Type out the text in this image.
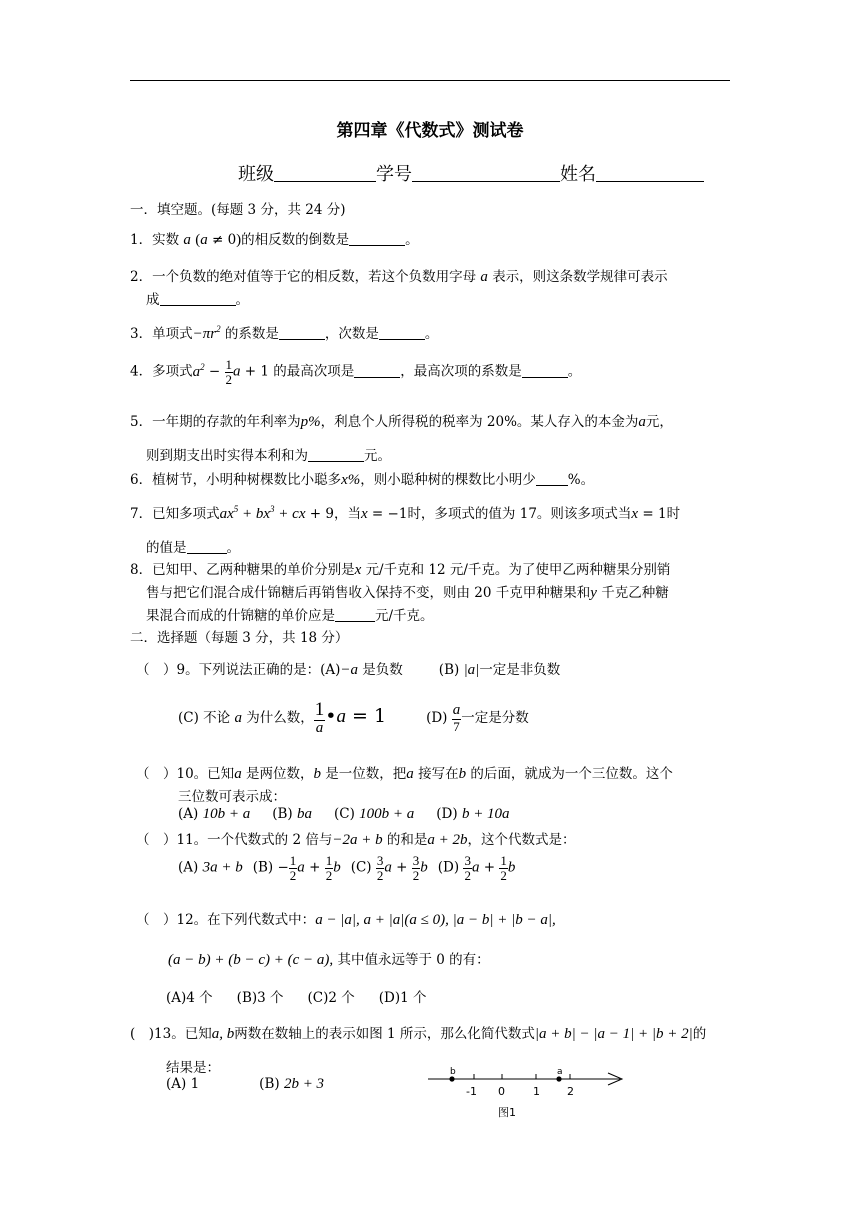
第四章《代数式》测试卷
班级	学号	姓名
一．填空题。(每题 3 分，共 24 分)
1．实数 a (a ≠ 0)的相反数的倒数是	。
2．一个负数的绝对值等于它的相反数，若这个负数用字母 a 表示，则这条数学规律可表示
成	。
3．单项式$-\pi r^2$ 的系数是	，次数是	。
4．多项式$a^2 - \frac{1}{2}$ a + 1 的最高次项是	，最高次项的系数是	。
5．一年期的存款的年利率为p%，利息个人所得税的税率为 20%。某人存入的本金为a元，
则到期支出时实得本利和为	元。
6．植树节，小明种树棵数比小聪多x%，则小聪种树的棵数比小明少 %。
7．已知多项式$ax^5 + bx^3$ + cx + 9，当x = −1时，多项式的值为 17。则该多项式当x = 1时
的值是	。
8．已知甲、乙两种糖果的单价分别是x 元/千克和 12 元/千克。为了使甲乙两种糖果分别销
售与把它们混合成什锦糖后再销售收入保持不变，则由 20 千克甲种糖果和y 千克乙种糖
果混合而成的什锦糖的单价应是	元/千克。
二．选择题（每题 3 分，共 18 分）
（　）9。下列说法正确的是：(A)−a 是负数	(B) |a|一定是非负数
(C) 不论 a 为什么数， $\frac{1}{a}$ •a = 1	$(D) \frac{a}{7}$ 一定是分数
（　）10。已知a 是两位数，b 是一位数，把a 接写在b 的后面，就成为一个三位数。这个
三位数可表示成：
(A) 10b + a (B) ba (C) 100b + a (D) b + 10a
（　）11。一个代数式的 2 倍与−2a + b 的和是a + 2b，这个代数式是：
(A) 3a + b $(B) - \frac{1}{2}$ $a + \frac{1}{2}$ b $(C) \frac{3}{2}$ $a + \frac{3}{2}$ b $(D) \frac{3}{2}$ $a + \frac{1}{2}$ b
（　）12。在下列代数式中：a − |a|, a + |a|(a ≤ 0), |a − b| + |b − a|,
(a − b) + (b − c) + (c − a), 其中值永远等于 0 的有：
(A)4 个 (B)3 个 (C)2 个 (D)1 个
(　)13。已知a, b两数在数轴上的表示如图 1 所示，那么化简代数式|a + b| − |a − 1| + |b + 2|的
结果是：
(A) 1	(B) 2b + 3
b	a
-1 0	1 2
图1
